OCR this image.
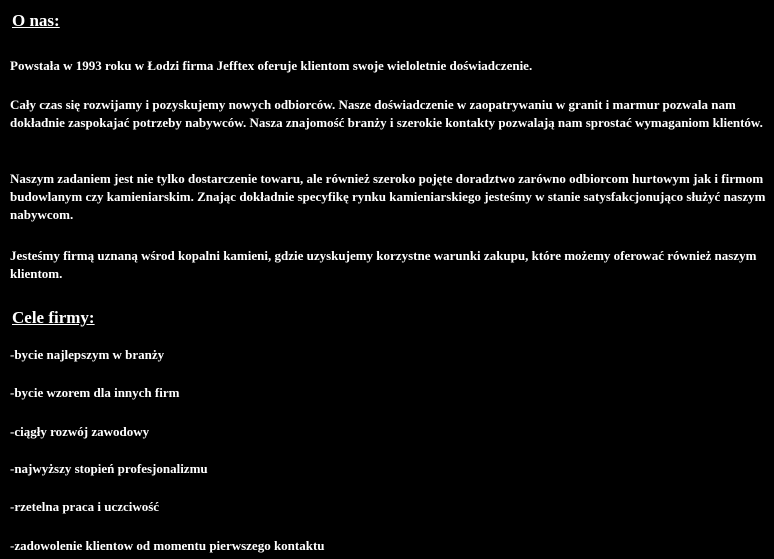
O nas:

Powstała w 1993 roku w Łodzi firma Jefftex oferuje klientom swoje wieloletnie doświadczenie.

Cały czas się rozwijamy i pozyskujemy nowych odbiorców. Nasze doświadczenie w zaopatrywaniu w granit i marmur pozwala nam dokładnie zaspokajać potrzeby nabywców. Nasza znajomość branży i szerokie kontakty pozwalają nam sprostać wymaganiom klientów.

Naszym zadaniem jest nie tylko dostarczenie towaru, ale również szeroko pojęte doradztwo zarówno odbiorcom hurtowym jak i firmom budowlanym czy kamieniarskim. Znając dokładnie specyfikę rynku kamieniarskiego jesteśmy w stanie satysfakcjonująco służyć naszym nabywcom.

Jesteśmy firmą uznaną wśrod kopalni kamieni, gdzie uzyskujemy korzystne warunki zakupu, które możemy oferować również naszym klientom.

Cele firmy:
-bycie najlepszym w branży
-bycie wzorem dla innych firm
-ciągły rozwój zawodowy
-najwyższy stopień profesjonalizmu
-rzetelna praca i uczciwość
-zadowolenie klientow od momentu pierwszego kontaktu
